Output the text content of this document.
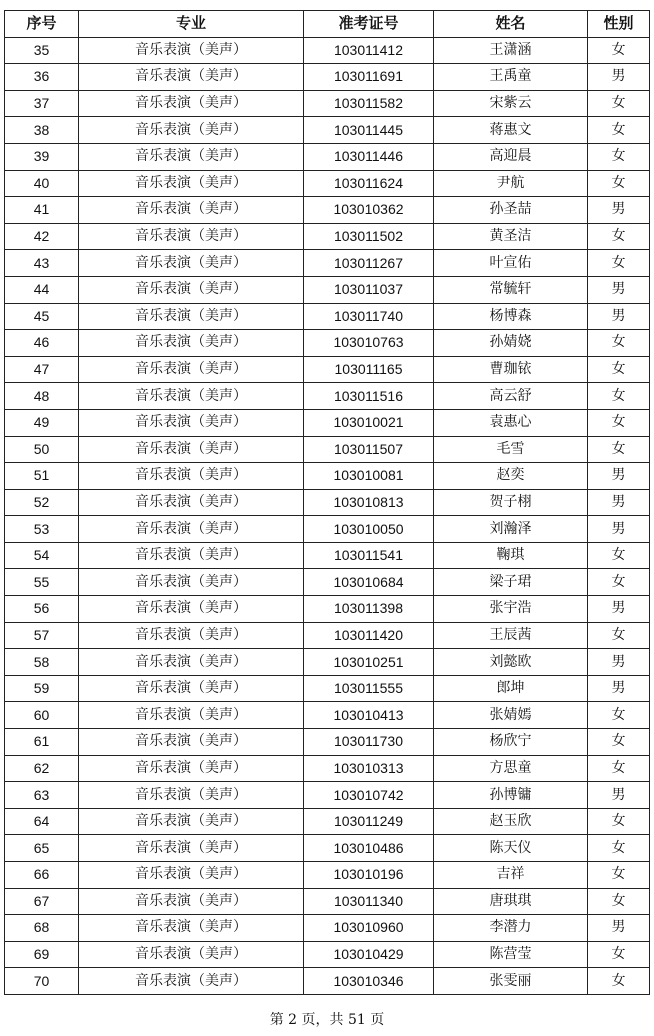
序号	专业	准考证号	姓名	性别
35	音乐表演（美声）	103011412	王潇涵	女
36	音乐表演（美声）	103011691	王禹童	男
37	音乐表演（美声）	103011582	宋紫云	女
38	音乐表演（美声）	103011445	蒋惠文	女
39	音乐表演（美声）	103011446	高迎晨	女
40	音乐表演（美声）	103011624	尹航	女
41	音乐表演（美声）	103010362	孙圣喆	男
42	音乐表演（美声）	103011502	黄圣洁	女
43	音乐表演（美声）	103011267	叶宣佑	女
44	音乐表演（美声）	103011037	常毓轩	男
45	音乐表演（美声）	103011740	杨博森	男
46	音乐表演（美声）	103010763	孙婧娆	女
47	音乐表演（美声）	103011165	曹珈铱	女
48	音乐表演（美声）	103011516	高云舒	女
49	音乐表演（美声）	103010021	袁惠心	女
50	音乐表演（美声）	103011507	毛雪	女
51	音乐表演（美声）	103010081	赵奕	男
52	音乐表演（美声）	103010813	贺子栩	男
53	音乐表演（美声）	103010050	刘瀚泽	男
54	音乐表演（美声）	103011541	鞠琪	女
55	音乐表演（美声）	103010684	梁子珺	女
56	音乐表演（美声）	103011398	张宇浩	男
57	音乐表演（美声）	103011420	王辰茜	女
58	音乐表演（美声）	103010251	刘懿欧	男
59	音乐表演（美声）	103011555	郎坤	男
60	音乐表演（美声）	103010413	张婧嫣	女
61	音乐表演（美声）	103011730	杨欣宁	女
62	音乐表演（美声）	103010313	方思童	女
63	音乐表演（美声）	103010742	孙博镛	男
64	音乐表演（美声）	103011249	赵玉欣	女
65	音乐表演（美声）	103010486	陈天仪	女
66	音乐表演（美声）	103010196	吉祥	女
67	音乐表演（美声）	103011340	唐琪琪	女
68	音乐表演（美声）	103010960	李潜力	男
69	音乐表演（美声）	103010429	陈营莹	女
70	音乐表演（美声）	103010346	张雯丽	女
第 2 页，共 51 页
